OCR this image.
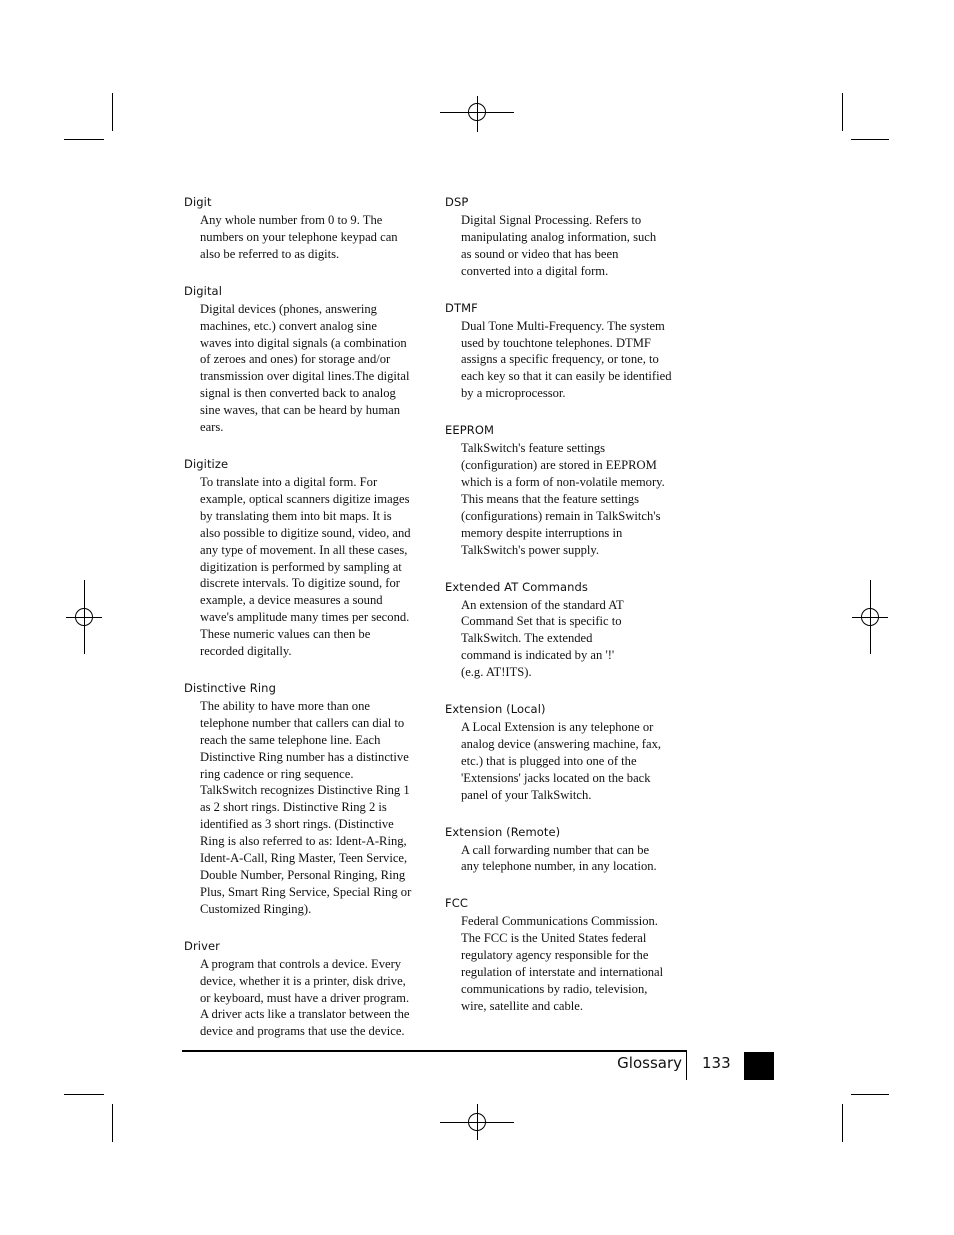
Digit
Any whole number from 0 to 9. The
numbers on your telephone keypad can
also be referred to as digits.
Digital
Digital devices (phones, answering
machines, etc.) convert analog sine
waves into digital signals (a combination
of zeroes and ones) for storage and/or
transmission over digital lines.The digital
signal is then converted back to analog
sine waves, that can be heard by human
ears.
Digitize
To translate into a digital form. For
example, optical scanners digitize images
by translating them into bit maps. It is
also possible to digitize sound, video, and
any type of movement. In all these cases,
digitization is performed by sampling at
discrete intervals. To digitize sound, for
example, a device measures a sound
wave's amplitude many times per second.
These numeric values can then be
recorded digitally.
Distinctive Ring
The ability to have more than one
telephone number that callers can dial to
reach the same telephone line. Each
Distinctive Ring number has a distinctive
ring cadence or ring sequence.
TalkSwitch recognizes Distinctive Ring 1
as 2 short rings. Distinctive Ring 2 is
identified as 3 short rings. (Distinctive
Ring is also referred to as: Ident-A-Ring,
Ident-A-Call, Ring Master, Teen Service,
Double Number, Personal Ringing, Ring
Plus, Smart Ring Service, Special Ring or
Customized Ringing).
Driver
A program that controls a device. Every
device, whether it is a printer, disk drive,
or keyboard, must have a driver program.
A driver acts like a translator between the
device and programs that use the device.
DSP
Digital Signal Processing. Refers to
manipulating analog information, such
as sound or video that has been
converted into a digital form.
DTMF
Dual Tone Multi-Frequency. The system
used by touchtone telephones. DTMF
assigns a specific frequency, or tone, to
each key so that it can easily be identified
by a microprocessor.
EEPROM
TalkSwitch's feature settings
(configuration) are stored in EEPROM
which is a form of non-volatile memory.
This means that the feature settings
(configurations) remain in TalkSwitch's
memory despite interruptions in
TalkSwitch's power supply.
Extended AT Commands
An extension of the standard AT
Command Set that is specific to
TalkSwitch. The extended
command is indicated by an '!'
(e.g. AT!ITS).
Extension (Local)
A Local Extension is any telephone or
analog device (answering machine, fax,
etc.) that is plugged into one of the
'Extensions' jacks located on the back
panel of your TalkSwitch.
Extension (Remote)
A call forwarding number that can be
any telephone number, in any location.
FCC
Federal Communications Commission.
The FCC is the United States federal
regulatory agency responsible for the
regulation of interstate and international
communications by radio, television,
wire, satellite and cable.
Glossary 133
